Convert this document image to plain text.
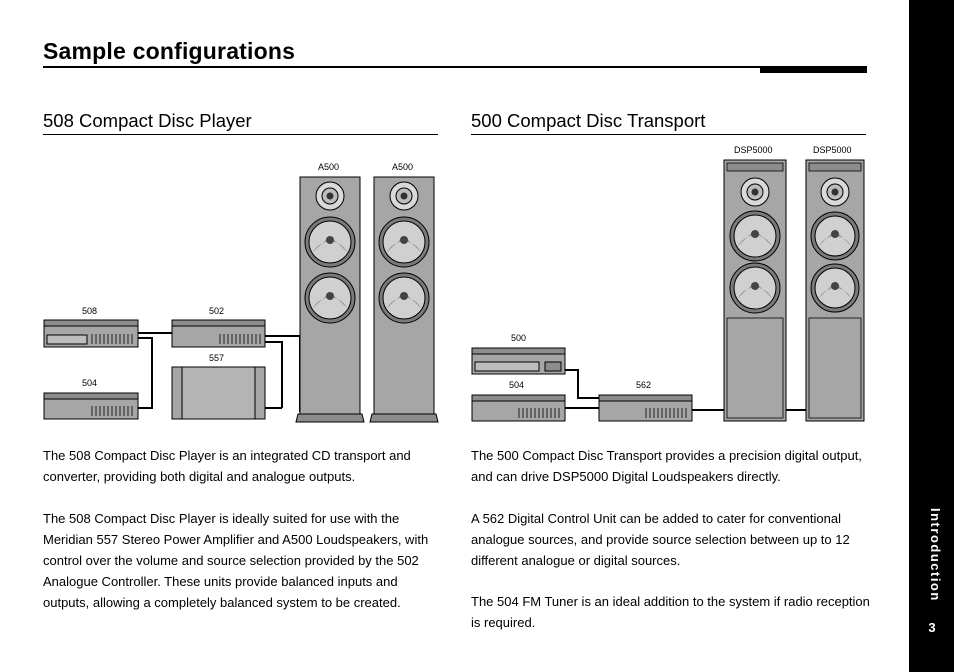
Sample configurations
Introduction
3
508 Compact Disc Player
508
504
502
557
A500	A500
The 508 Compact Disc Player is an integrated CD transport and converter, providing both digital and analogue outputs.
The 508 Compact Disc Player is ideally suited for use with the Meridian 557 Stereo Power Amplifier and A500 Loudspeakers, with control over the volume and source selection provided by the 502 Analogue Controller. These units provide balanced inputs and outputs, allowing a completely balanced system to be created.
500 Compact Disc Transport
500
504	562
DSP5000	DSP5000
The 500 Compact Disc Transport provides a precision digital output, and can drive DSP5000 Digital Loudspeakers directly.
A 562 Digital Control Unit can be added to cater for conventional analogue sources, and provide source selection between up to 12 different analogue or digital sources.
The 504 FM Tuner is an ideal addition to the system if radio reception is required.
